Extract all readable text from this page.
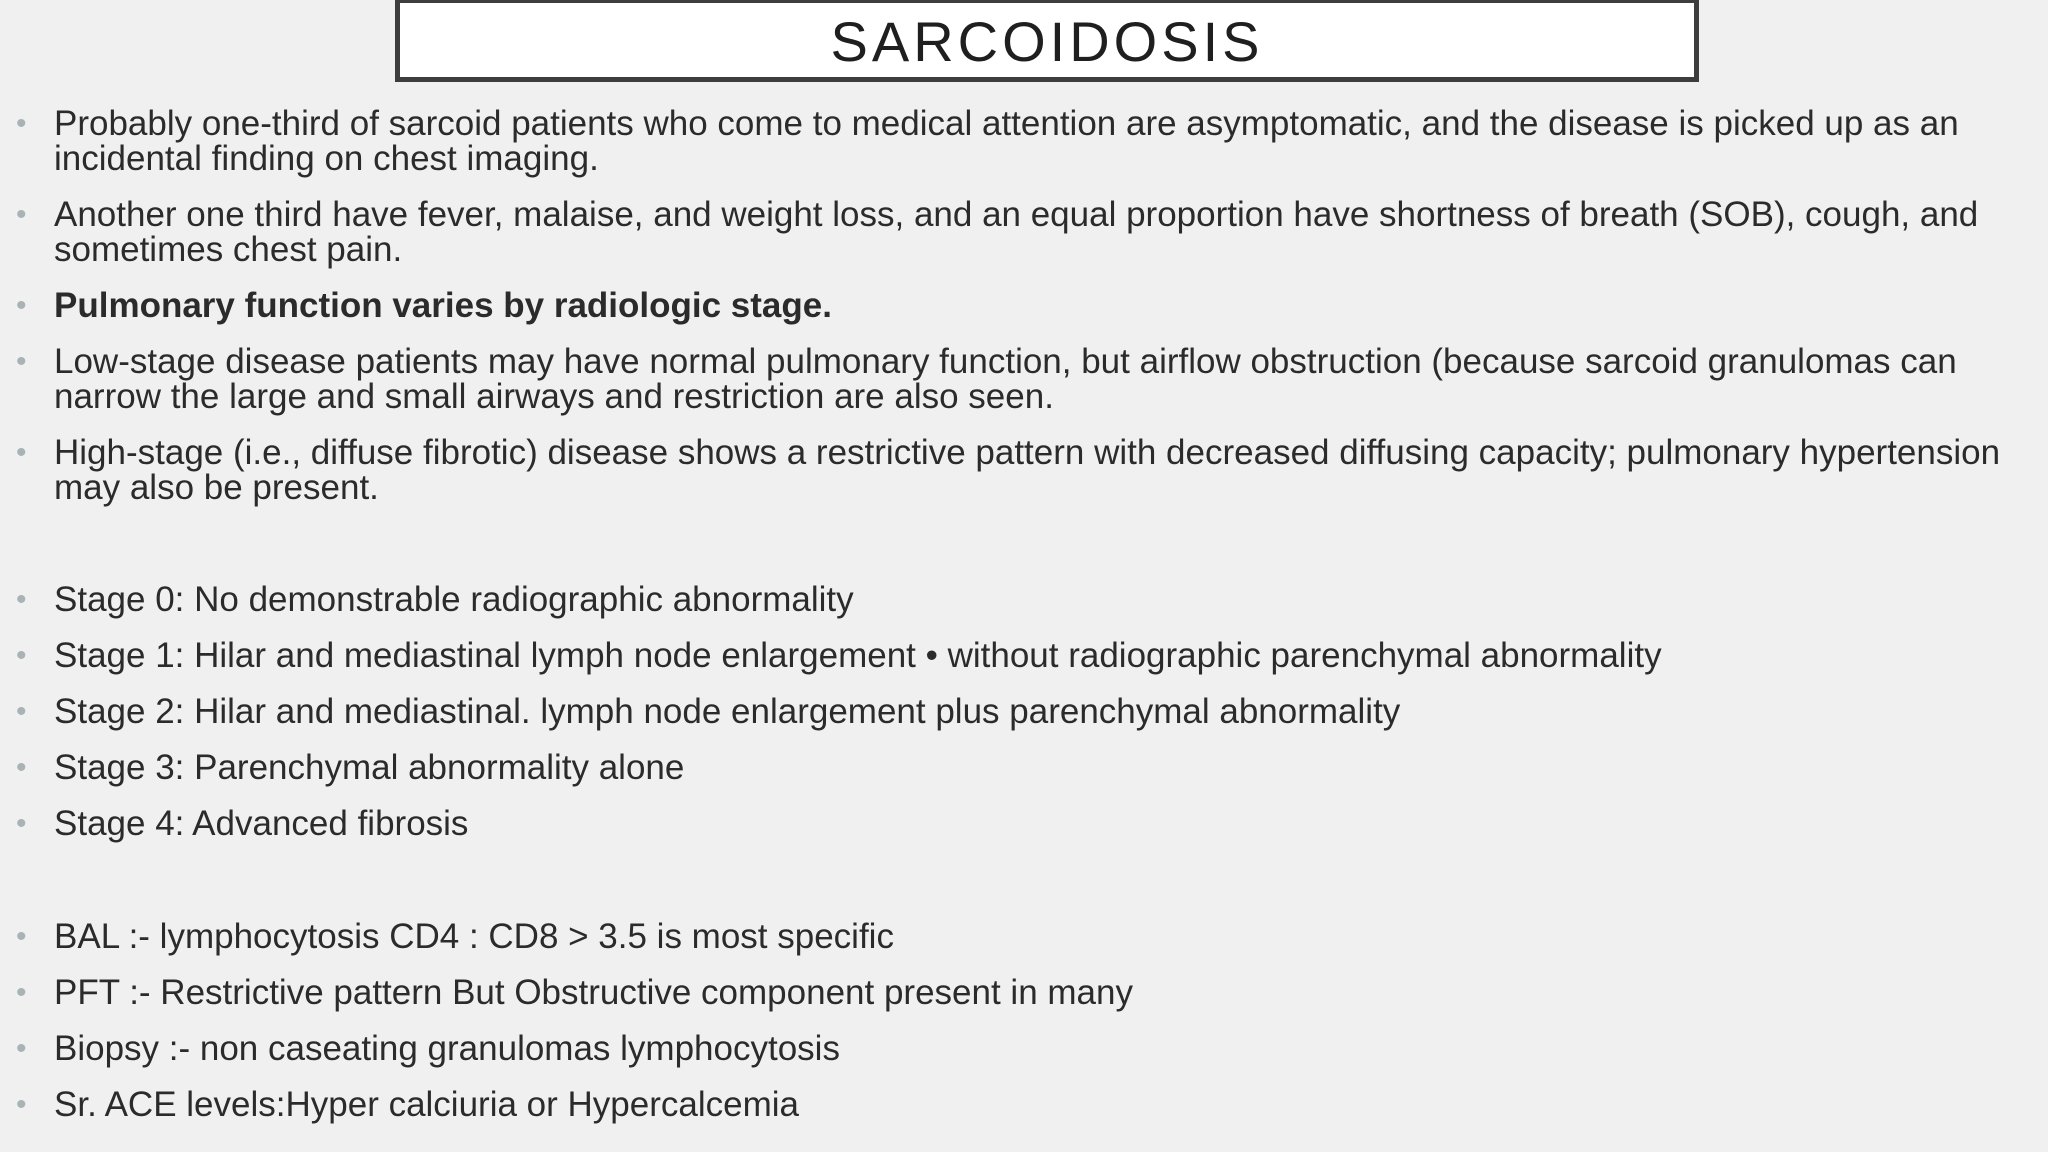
SARCOIDOSIS
• Probably one-third of sarcoid patients who come to medical attention are asymptomatic, and the disease is picked up as an incidental finding on chest imaging.
• Another one third have fever, malaise, and weight loss, and an equal proportion have shortness of breath (SOB), cough, and sometimes chest pain.
• Pulmonary function varies by radiologic stage.
• Low-stage disease patients may have normal pulmonary function, but airflow obstruction (because sarcoid granulomas can narrow the large and small airways and restriction are also seen.
• High-stage (i.e., diffuse fibrotic) disease shows a restrictive pattern with decreased diffusing capacity; pulmonary hypertension may also be present.
• Stage 0: No demonstrable radiographic abnormality
• Stage 1: Hilar and mediastinal lymph node enlargement • without radiographic parenchymal abnormality
• Stage 2: Hilar and mediastinal. lymph node enlargement plus parenchymal abnormality
• Stage 3: Parenchymal abnormality alone
• Stage 4: Advanced fibrosis
• BAL :- lymphocytosis CD4 : CD8 > 3.5 is most specific
• PFT :- Restrictive pattern But Obstructive component present in many
• Biopsy :- non caseating granulomas lymphocytosis
• Sr. ACE levels:Hyper calciuria or Hypercalcemia
